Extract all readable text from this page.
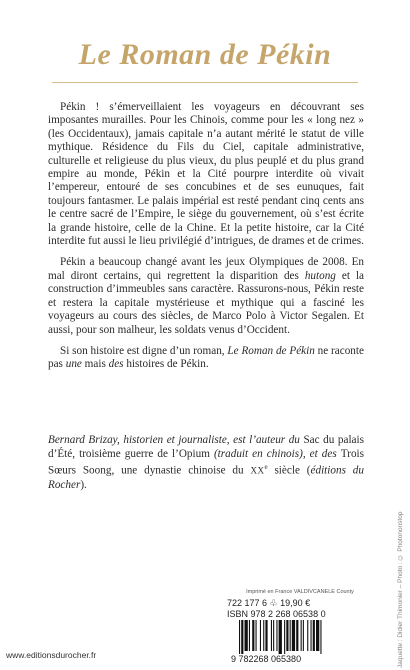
Le Roman de Pékin

Pékin ! s’émerveillaient les voyageurs en découvrant ses imposantes murailles. Pour les Chinois, comme pour les « long nez » (les Occidentaux), jamais capitale n’a autant mérité le statut de ville mythique. Résidence du Fils du Ciel, capitale administrative, culturelle et religieuse du plus vieux, du plus peuplé et du plus grand empire au monde, Pékin et la Cité pourpre interdite où vivait l’empereur, entouré de ses concubines et de ses eunuques, fait toujours fantasmer. Le palais impérial est resté pendant cinq cents ans le centre sacré de l’Empire, le siège du gouvernement, où s’est écrite la grande histoire, celle de la Chine. Et la petite histoire, car la Cité interdite fut aussi le lieu privilégié d’intrigues, de drames et de crimes.

Pékin a beaucoup changé avant les jeux Olympiques de 2008. En mal diront certains, qui regrettent la disparition des hutong et la construction d’immeubles sans caractère. Rassurons-nous, Pékin reste et restera la capitale mystérieuse et mythique qui a fasciné les voyageurs au cours des siècles, de Marco Polo à Victor Segalen. Et aussi, pour son malheur, les soldats venus d’Occident.

Si son histoire est digne d’un roman, Le Roman de Pékin ne raconte pas une mais des histoires de Pékin.

Bernard Brizay, historien et journaliste, est l’auteur du Sac du palais d’Été, troisième guerre de l’Opium (traduit en chinois), et des Trois Sœurs Soong, une dynastie chinoise du XXe siècle (éditions du Rocher).
Jaquette : Didier Thimonier – Photo : © Photononstop
Imprimé en France VALDIVCANELE County
722 177 6 ♧ 19,90 €
ISBN 978 2 268 06538 0
9 782268 065380
www.editionsdurocher.fr
